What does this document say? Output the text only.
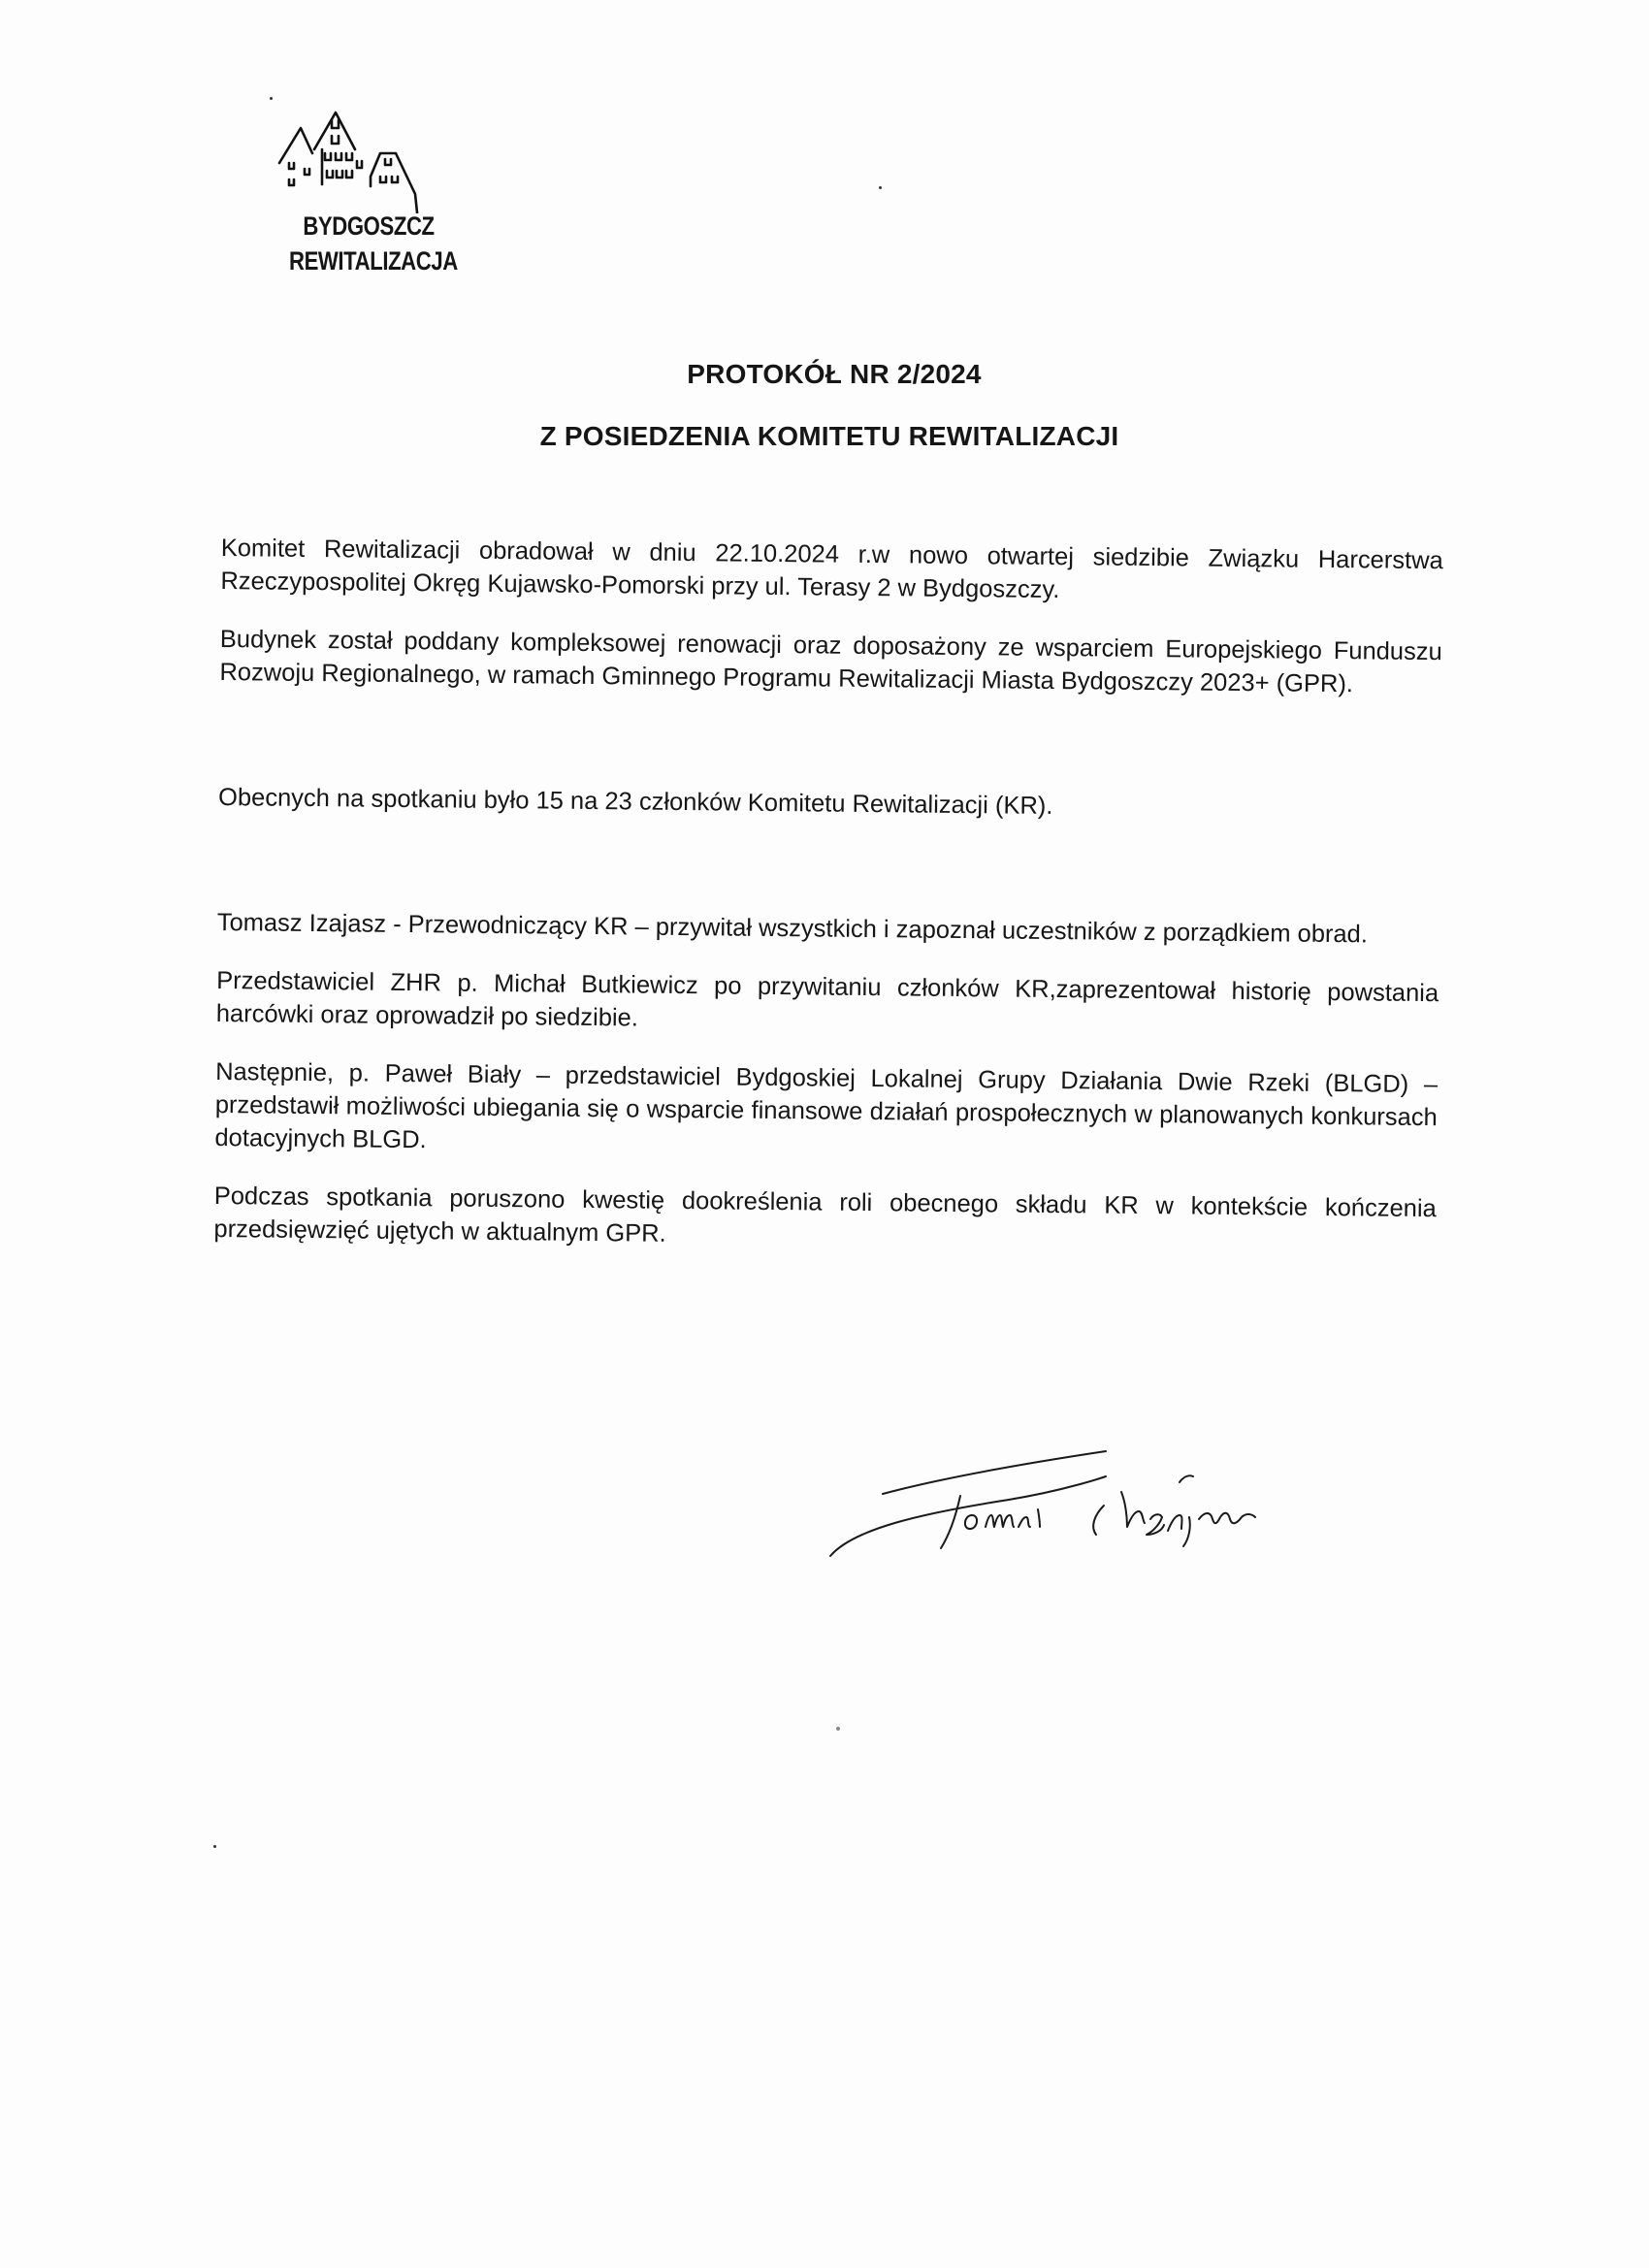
BYDGOSZCZ
REWITALIZACJA
PROTOKÓŁ NR 2/2024
Z POSIEDZENIA KOMITETU REWITALIZACJI

Komitet Rewitalizacji obradował w dniu 22.10.2024 r.w nowo otwartej siedzibie Związku Harcerstwa Rzeczypospolitej Okręg Kujawsko-Pomorski przy ul. Terasy 2 w Bydgoszczy.

Budynek został poddany kompleksowej renowacji oraz doposażony ze wsparciem Europejskiego Funduszu Rozwoju Regionalnego, w ramach Gminnego Programu Rewitalizacji Miasta Bydgoszczy 2023+ (GPR).

Obecnych na spotkaniu było 15 na 23 członków Komitetu Rewitalizacji (KR).

Tomasz Izajasz - Przewodniczący KR – przywitał wszystkich i zapoznał uczestników z porządkiem obrad.

Przedstawiciel ZHR p. Michał Butkiewicz po przywitaniu członków KR,zaprezentował historię powstania harcówki oraz oprowadził po siedzibie.

Następnie, p. Paweł Biały – przedstawiciel Bydgoskiej Lokalnej Grupy Działania Dwie Rzeki (BLGD) – przedstawił możliwości ubiegania się o wsparcie finansowe działań prospołecznych w planowanych konkursach dotacyjnych BLGD.

Podczas spotkania poruszono kwestię dookreślenia roli obecnego składu KR w kontekście kończenia przedsięwzięć ujętych w aktualnym GPR.
